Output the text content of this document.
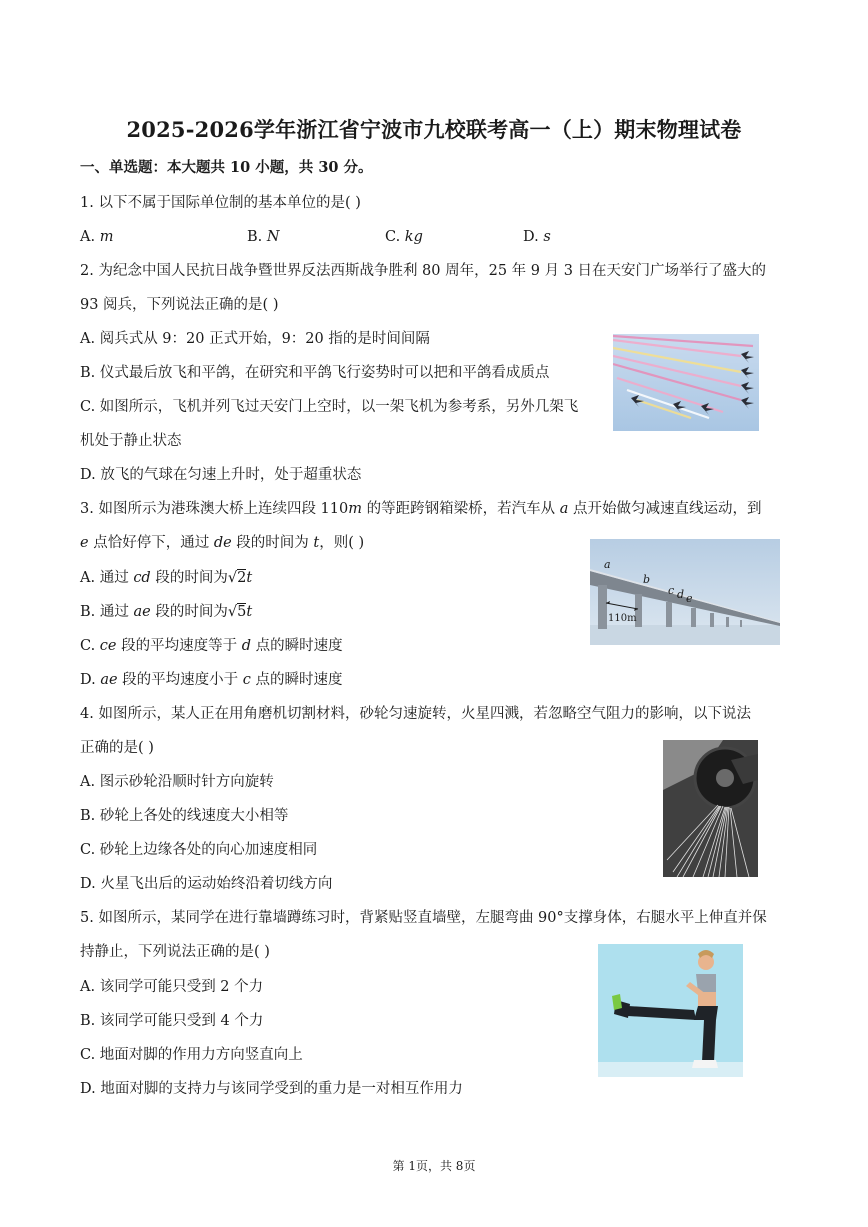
2025-2026学年浙江省宁波市九校联考高一（上）期末物理试卷
一、单选题：本大题共 10 小题，共 30 分。
1. 以下不属于国际单位制的基本单位的是( )
A. m	B. N	C. kg	D. s
2. 为纪念中国人民抗日战争暨世界反法西斯战争胜利 80 周年，25 年 9 月 3 日在天安门广场举行了盛大的
93 阅兵，下列说法正确的是( )
A. 阅兵式从 9：20 正式开始，9：20 指的是时间间隔
B. 仪式最后放飞和平鸽，在研究和平鸽飞行姿势时可以把和平鸽看成质点
C. 如图所示，飞机并列飞过天安门上空时，以一架飞机为参考系，另外几架飞
机处于静止状态
D. 放飞的气球在匀速上升时，处于超重状态
3. 如图所示为港珠澳大桥上连续四段 110m 的等距跨钢箱梁桥，若汽车从 a 点开始做匀减速直线运动，到
e 点恰好停下，通过 de 段的时间为 t，则( )
A. 通过 cd 段的时间为√2t
B. 通过 ae 段的时间为√5t
C. ce 段的平均速度等于 d 点的瞬时速度
D. ae 段的平均速度小于 c 点的瞬时速度
a
b
c d e
110m
4. 如图所示，某人正在用角磨机切割材料，砂轮匀速旋转，火星四溅，若忽略空气阻力的影响，以下说法
正确的是( )
A. 图示砂轮沿顺时针方向旋转
B. 砂轮上各处的线速度大小相等
C. 砂轮上边缘各处的向心加速度相同
D. 火星飞出后的运动始终沿着切线方向
5. 如图所示，某同学在进行靠墙蹲练习时，背紧贴竖直墙壁，左腿弯曲 90°支撑身体，右腿水平上伸直并保
持静止，下列说法正确的是( )
A. 该同学可能只受到 2 个力
B. 该同学可能只受到 4 个力
C. 地面对脚的作用力方向竖直向上
D. 地面对脚的支持力与该同学受到的重力是一对相互作用力
第 1页，共 8页
